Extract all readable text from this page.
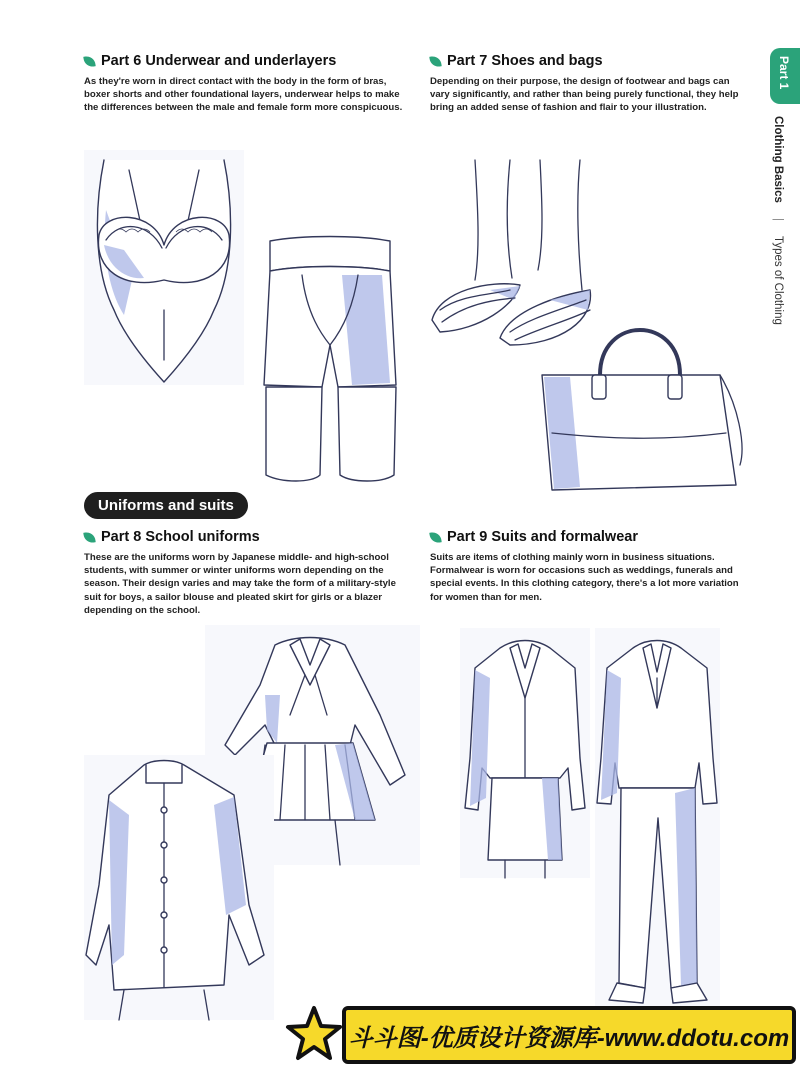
Part 6 Underwear and underlayers
As they're worn in direct contact with the body in the form of bras, boxer shorts and other foundational layers, underwear helps to make the differences between the male and female form more conspicuous.
Part 7 Shoes and bags
Depending on their purpose, the design of footwear and bags can vary significantly, and rather than being purely functional, they help bring an added sense of fashion and flair to your illustration.
Part 1
Clothing Basics
|
Types of Clothing
Uniforms and suits
Part 8 School uniforms
These are the uniforms worn by Japanese middle- and high-school students, with summer or winter uniforms worn depending on the season. Their design varies and may take the form of a military-style suit for boys, a sailor blouse and pleated skirt for girls or a blazer depending on the school.
Part 9 Suits and formalwear
Suits are items of clothing mainly worn in business situations. Formalwear is worn for occasions such as weddings, funerals and special events. In this clothing category, there's a lot more variation for women than for men.
斗斗图-优质设计资源库-www.ddotu.com
